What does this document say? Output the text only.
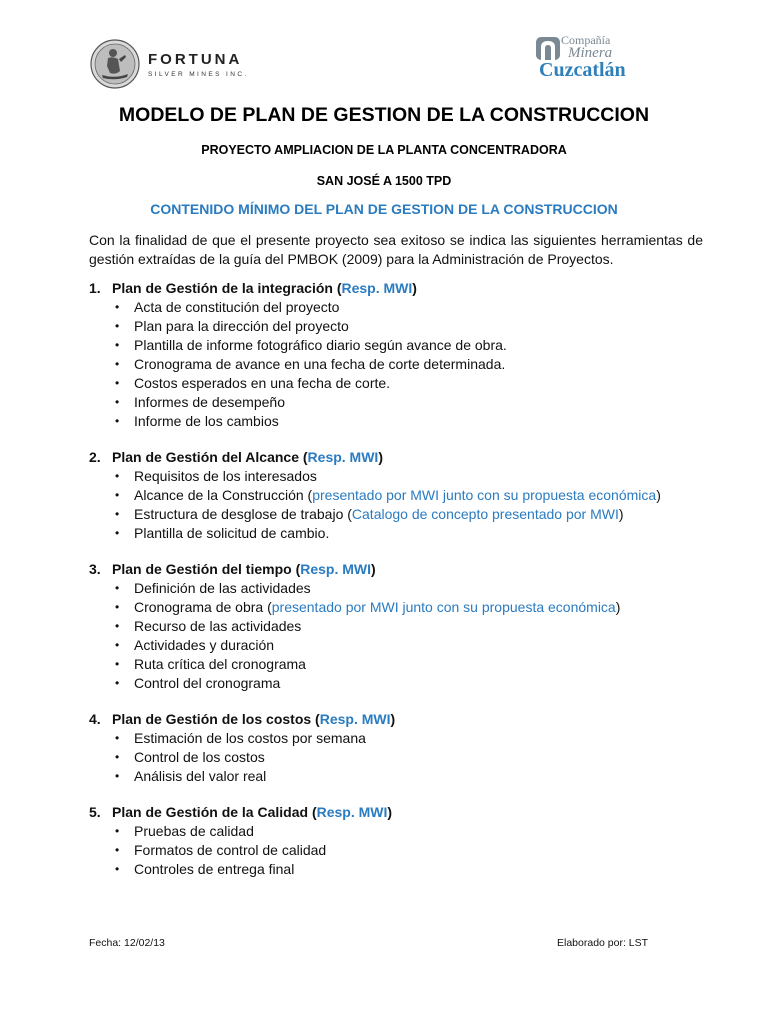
FORTUNA
SILVER MINES INC.
Compañía
Minera
Cuzcatlán
MODELO DE PLAN DE GESTION DE LA CONSTRUCCION
PROYECTO AMPLIACION DE LA PLANTA CONCENTRADORA
SAN JOSÉ A 1500 TPD
CONTENIDO MÍNIMO DEL PLAN DE GESTION DE LA CONSTRUCCION
Con la finalidad de que el presente proyecto sea exitoso se indica las siguientes herramientas de gestión extraídas de la guía del PMBOK (2009) para la Administración de Proyectos.
1. Plan de Gestión de la integración (Resp. MWI)
• Acta de constitución del proyecto
• Plan para la dirección del proyecto
• Plantilla de informe fotográfico diario según avance de obra.
• Cronograma de avance en una fecha de corte determinada.
• Costos esperados en una fecha de corte.
• Informes de desempeño
• Informe de los cambios
2. Plan de Gestión del Alcance (Resp. MWI)
• Requisitos de los interesados
• Alcance de la Construcción (presentado por MWI junto con su propuesta económica)
• Estructura de desglose de trabajo (Catalogo de concepto presentado por MWI)
• Plantilla de solicitud de cambio.
3. Plan de Gestión del tiempo (Resp. MWI)
• Definición de las actividades
• Cronograma de obra (presentado por MWI junto con su propuesta económica)
• Recurso de las actividades
• Actividades y duración
• Ruta crítica del cronograma
• Control del cronograma
4. Plan de Gestión de los costos (Resp. MWI)
• Estimación de los costos por semana
• Control de los costos
• Análisis del valor real
5. Plan de Gestión de la Calidad (Resp. MWI)
• Pruebas de calidad
• Formatos de control de calidad
• Controles de entrega final
Fecha: 12/02/13	Elaborado por: LST
